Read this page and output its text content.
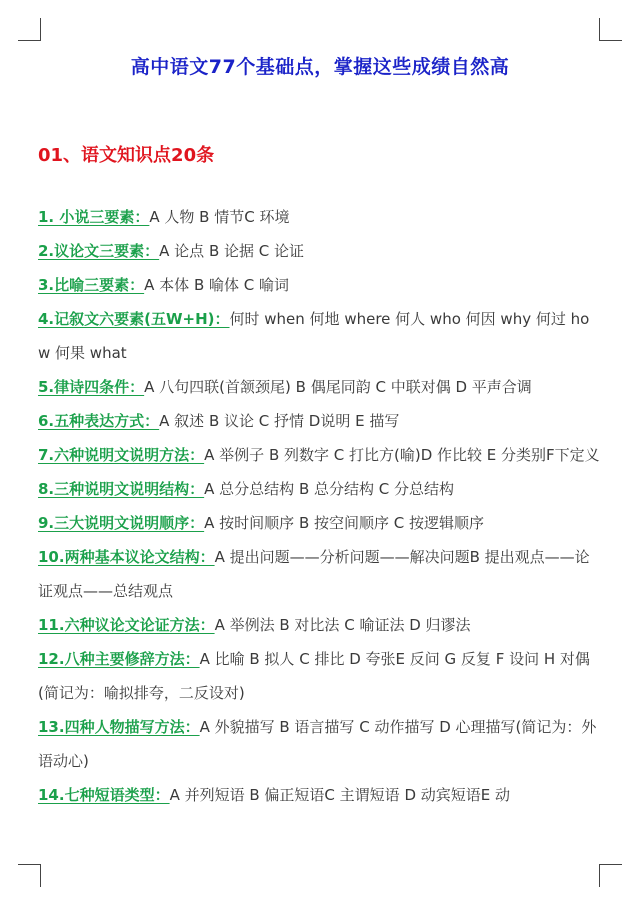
高中语文77个基础点，掌握这些成绩自然高
01、语文知识点20条

1. 小说三要素：A 人物 B 情节C 环境

2.议论文三要素：A 论点 B 论据 C 论证

3.比喻三要素：A 本体 B 喻体 C 喻词

4.记叙文六要素(五W+H)：何时 when 何地 where 何人 who 何因 why 何过 how 何果 what

5.律诗四条件：A 八句四联(首颔颈尾) B 偶尾同韵 C 中联对偶 D 平声合调

6.五种表达方式：A 叙述 B 议论 C 抒情 D说明 E 描写

7.六种说明文说明方法：A 举例子 B 列数字 C 打比方(喻)D 作比较 E 分类别F下定义

8.三种说明文说明结构：A 总分总结构 B 总分结构 C 分总结构

9.三大说明文说明顺序：A 按时间顺序 B 按空间顺序 C 按逻辑顺序

10.两种基本议论文结构：A 提出问题——分析问题——解决问题B 提出观点——论证观点——总结观点

11.六种议论文论证方法：A 举例法 B 对比法 C 喻证法 D 归谬法

12.八种主要修辞方法：A 比喻 B 拟人 C 排比 D 夸张E 反问 G 反复 F 设问 H 对偶(简记为：喻拟排夸，二反设对)

13.四种人物描写方法：A 外貌描写 B 语言描写 C 动作描写 D 心理描写(简记为：外语动心)

14.七种短语类型：A 并列短语 B 偏正短语C 主谓短语 D 动宾短语E 动
